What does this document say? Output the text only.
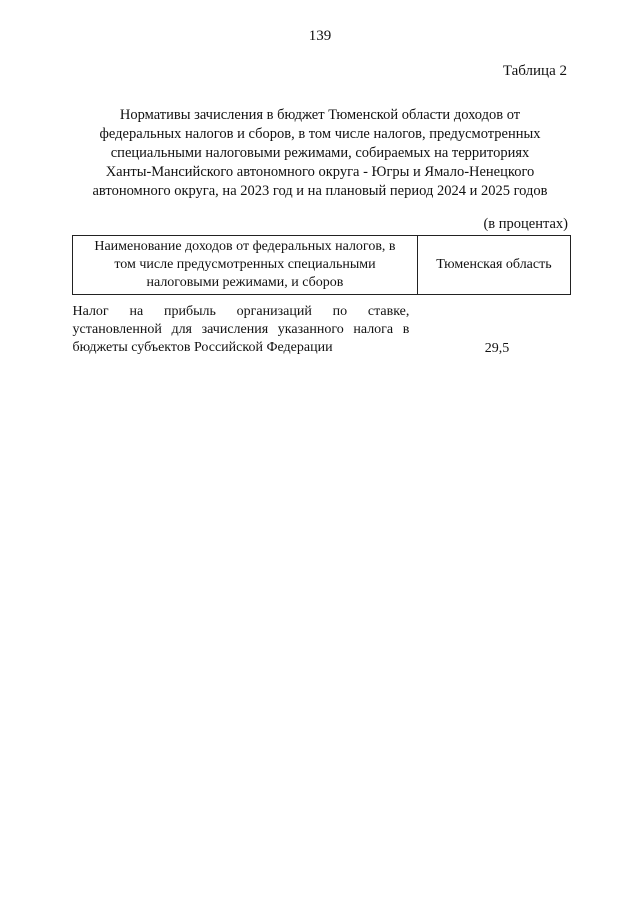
139
Таблица 2
Нормативы зачисления в бюджет Тюменской области доходов от
федеральных налогов и сборов, в том числе налогов, предусмотренных
специальными налоговыми режимами, собираемых на территориях
Ханты-Мансийского автономного округа - Югры и Ямало-Ненецкого
автономного округа, на 2023 год и на плановый период 2024 и 2025 годов
(в процентах)
Наименование доходов от федеральных налогов, в
том числе предусмотренных специальными
налоговыми режимами, и сборов	Тюменская область

Налог на прибыль организаций по ставке,
установленной для зачисления указанного налога в
бюджеты субъектов Российской Федерации	29,5
